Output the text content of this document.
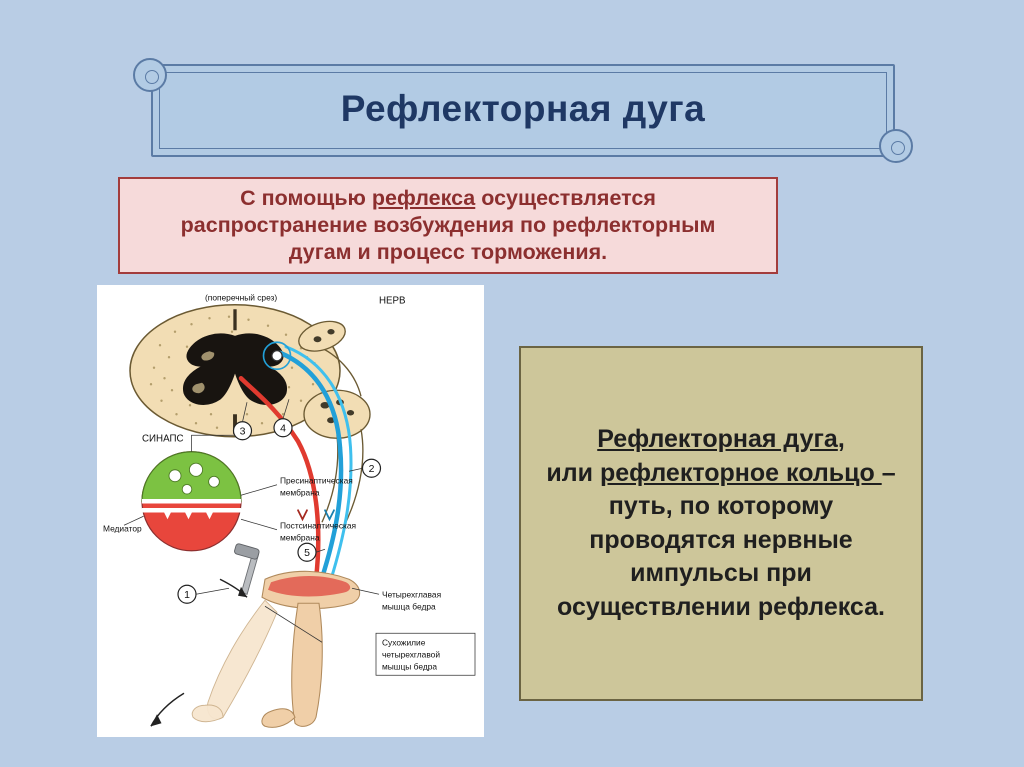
Рефлекторная дуга

С помощью рефлекса осуществляется
распространение возбуждения по рефлекторным
дугам и процесс торможения.

Рефлекторная дуга,
или рефлекторное кольцо – путь, по которому проводятся нервные импульсы при осуществлении рефлекса.

1
2
3	4
5
(поперечный срез)	НЕРВ
СИНАПС
Пресинаптическая
мембрана
Постсинаптическая
мембрана
Медиатор
Четырехглавая
мышца бедра
Сухожилие
четырехглавой
мышцы бедра
